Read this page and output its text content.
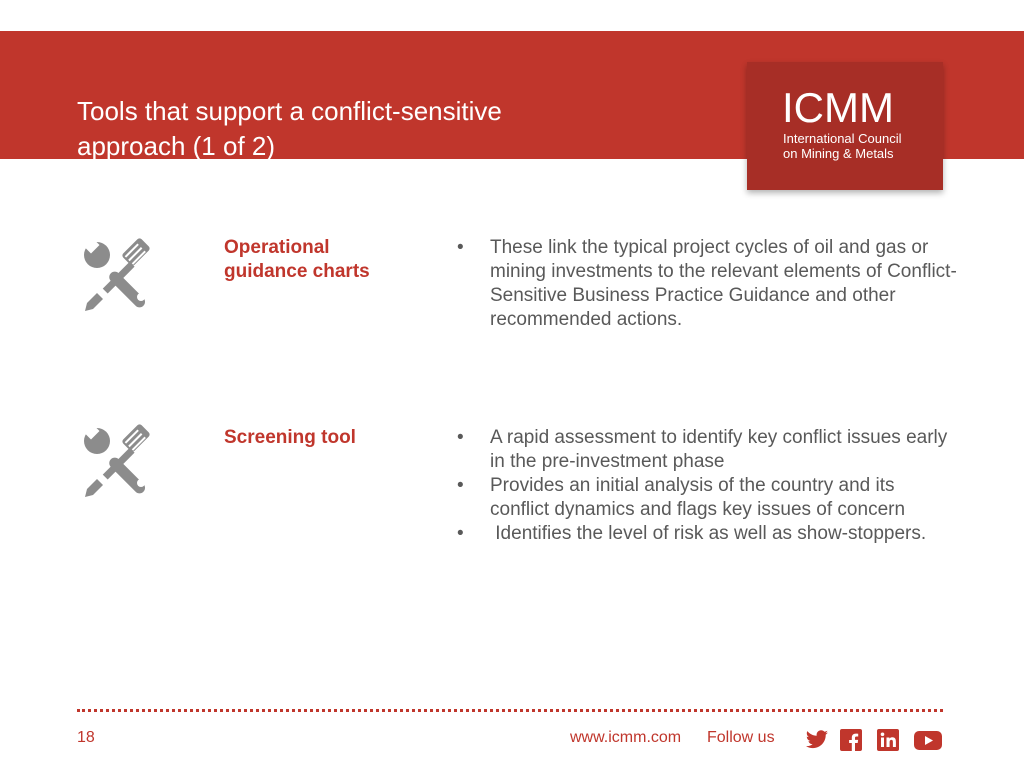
Tools that support a conflict-sensitive
approach (1 of 2)
ICMM
International Council
on Mining & Metals
Operational
guidance charts
• These link the typical project cycles of oil and gas or mining investments to the relevant elements of Conflict-Sensitive Business Practice Guidance and other recommended actions.
Screening tool	• A rapid assessment to identify key conflict issues early in the pre-investment phase
• Provides an initial analysis of the country and its conflict dynamics and flags key issues of concern
• Identifies the level of risk as well as show-stoppers.
18	www.icmm.com Follow us
